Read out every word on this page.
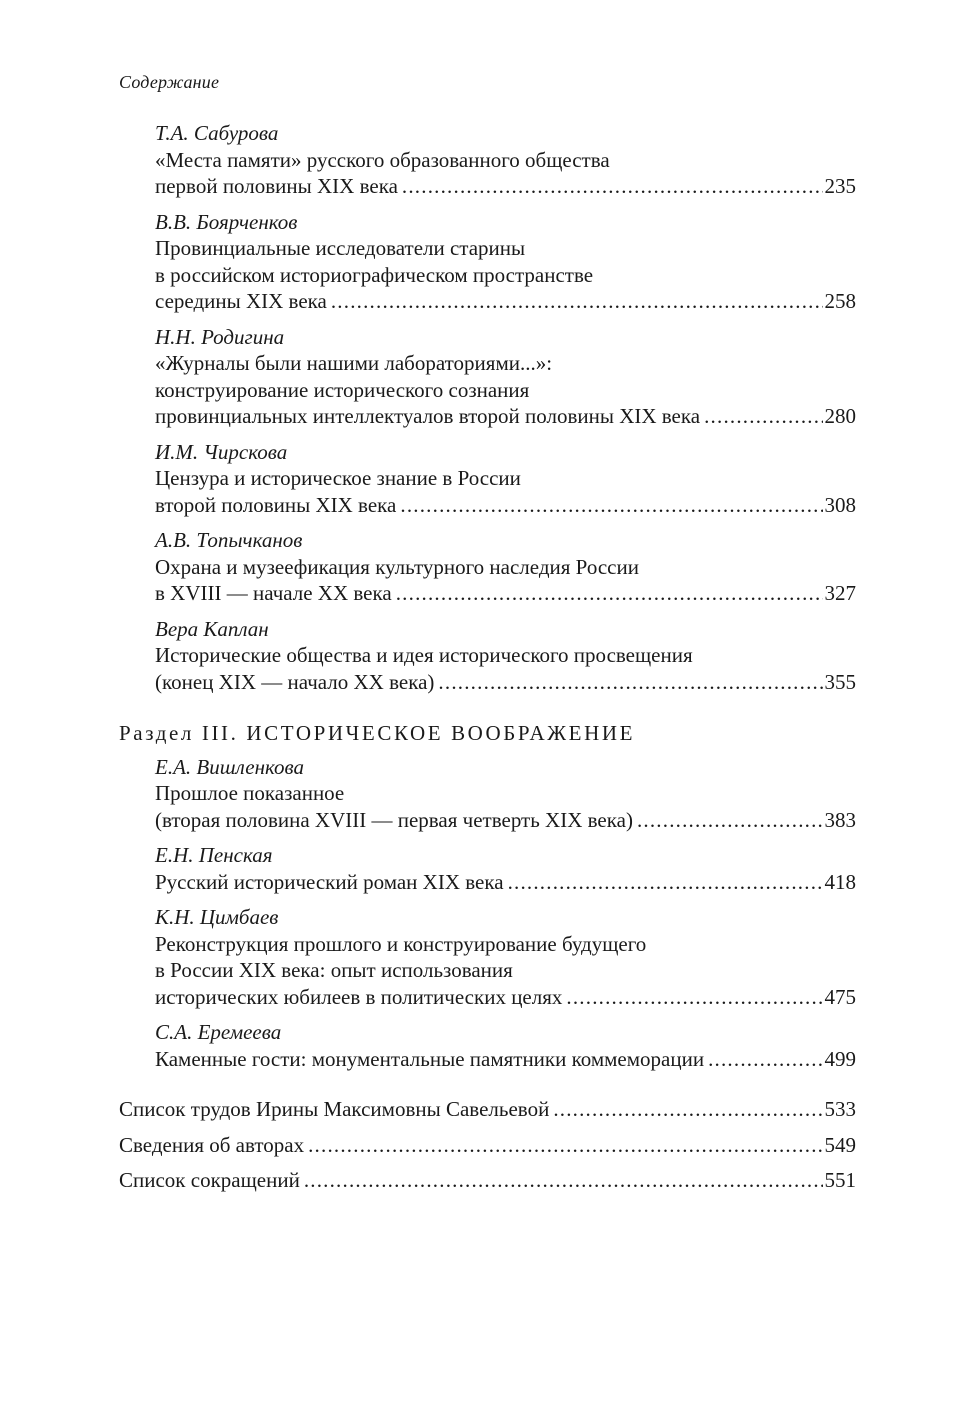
Содержание
Т.А. Сабурова
«Места памяти» русского образованного общества
первой половины XIX века .....	235
В.В. Боярченков
Провинциальные исследователи старины
в российском историографическом пространстве
середины XIX века .....	258
Н.Н. Родигина
«Журналы были нашими лабораториями...»:
конструирование исторического сознания
провинциальных интеллектуалов второй половины XIX века .....	280
И.М. Чирскова
Цензура и историческое знание в России
второй половины XIX века .....	308
А.В. Топычканов
Охрана и музеефикация культурного наследия России
в XVIII — начале XX века .....	327
Вера Каплан
Исторические общества и идея исторического просвещения
(конец XIX — начало XX века) .....	355
Раздел III. ИСТОРИЧЕСКОЕ ВООБРАЖЕНИЕ
Е.А. Вишленкова
Прошлое показанное
(вторая половина XVIII — первая четверть XIX века) .....	383
Е.Н. Пенская
Русский исторический роман XIX века .....	418
К.Н. Цимбаев
Реконструкция прошлого и конструирование будущего
в России XIX века: опыт использования
исторических юбилеев в политических целях .....	475
С.А. Еремеева
Каменные гости: монументальные памятники коммеморации .....	499
Список трудов Ирины Максимовны Савельевой .....	533
Сведения об авторах .....	549
Список сокращений .....	551
